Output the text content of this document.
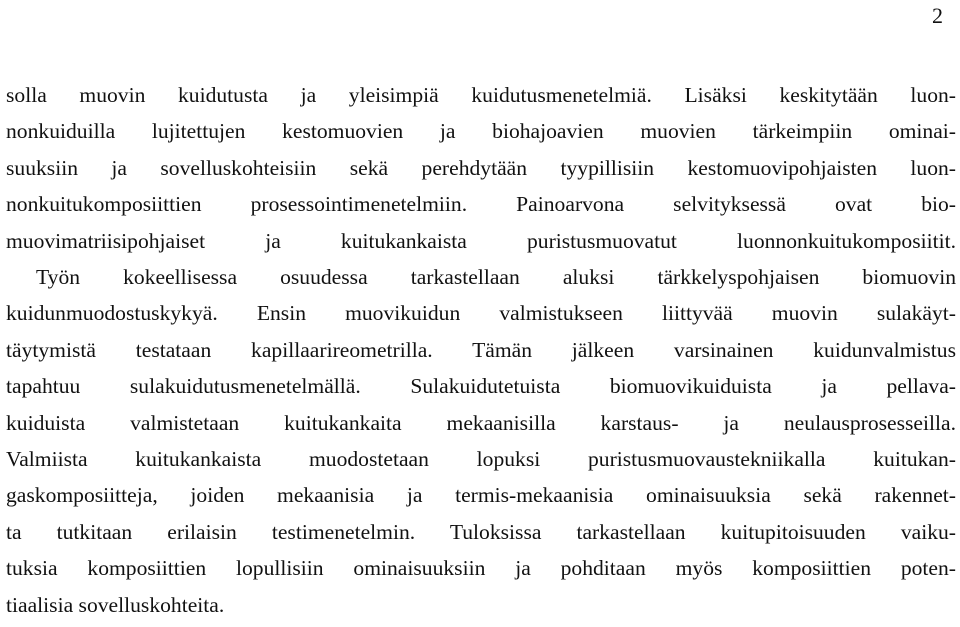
2
solla muovin kuidutusta ja yleisimpiä kuidutusmenetelmiä. Lisäksi keskitytään luon-
nonkuiduilla lujitettujen kestomuovien ja biohajoavien muovien tärkeimpiin ominai-
suuksiin ja sovelluskohteisiin sekä perehdytään tyypillisiin kestomuovipohjaisten luon-
nonkuitukomposiittien prosessointimenetelmiin. Painoarvona selvityksessä ovat bio-
muovimatriisipohjaiset ja kuitukankaista puristusmuovatut luonnonkuitukomposiitit.
Työn kokeellisessa osuudessa tarkastellaan aluksi tärkkelyspohjaisen biomuovin
kuidunmuodostuskykyä. Ensin muovikuidun valmistukseen liittyvää muovin sulakäyt-
täytymistä testataan kapillaarireometrilla. Tämän jälkeen varsinainen kuidunvalmistus
tapahtuu sulakuidutusmenetelmällä. Sulakuidutetuista biomuovikuiduista ja pellava-
kuiduista valmistetaan kuitukankaita mekaanisilla karstaus- ja neulausprosesseilla.
Valmiista kuitukankaista muodostetaan lopuksi puristusmuovaustekniikalla kuitukan-
gaskomposiitteja, joiden mekaanisia ja termis-mekaanisia ominaisuuksia sekä rakennet-
ta tutkitaan erilaisin testimenetelmin. Tuloksissa tarkastellaan kuitupitoisuuden vaiku-
tuksia komposiittien lopullisiin ominaisuuksiin ja pohditaan myös komposiittien poten-
tiaalisia sovelluskohteita.
